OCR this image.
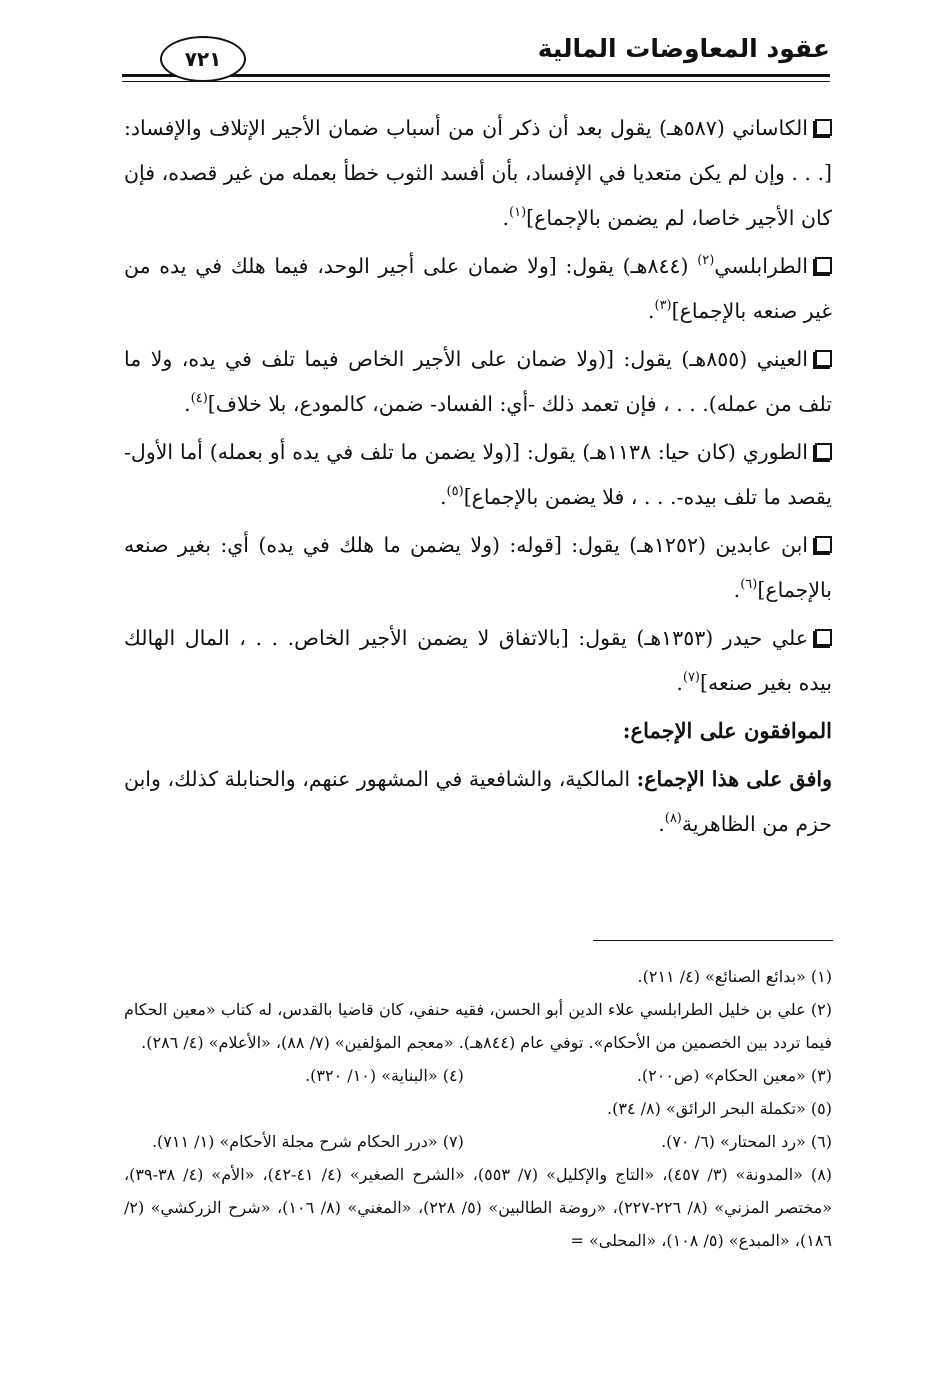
عقود المعاوضات المالية
٧٢١

الكاساني (٥٨٧هـ) يقول بعد أن ذكر أن من أسباب ضمان الأجير الإتلاف والإفساد: [. . . وإن لم يكن متعديا في الإفساد، بأن أفسد الثوب خطأ بعمله من غير قصده، فإن كان الأجير خاصا، لم يضمن بالإجماع]$^{(١)}$.

الطرابلسي$^{(٢)}$ (٨٤٤هـ) يقول: [ولا ضمان على أجير الوحد، فيما هلك في يده من غير صنعه بالإجماع]$^{(٣)}$.

العيني (٨٥٥هـ) يقول: [(ولا ضمان على الأجير الخاص فيما تلف في يده، ولا ما تلف من عمله). . . ، فإن تعمد ذلك -أي: الفساد- ضمن، كالمودع، بلا خلاف]$^{(٤)}$.

الطوري (كان حيا: ١١٣٨هـ) يقول: [(ولا يضمن ما تلف في يده أو بعمله) أما الأول-يقصد ما تلف بيده-. . . ، فلا يضمن بالإجماع]$^{(٥)}$.

ابن عابدين (١٢٥٢هـ) يقول: [قوله: (ولا يضمن ما هلك في يده) أي: بغير صنعه بالإجماع]$^{(٦)}$.

علي حيدر (١٣٥٣هـ) يقول: [بالاتفاق لا يضمن الأجير الخاص. . . ، المال الهالك بيده بغير صنعه]$^{(٧)}$.

الموافقون على الإجماع:

وافق على هذا الإجماع: المالكية، والشافعية في المشهور عنهم، والحنابلة كذلك، وابن حزم من الظاهرية$^{(٨)}$.

(١) «بدائع الصنائع» (٤/ ٢١١).

(٢) علي بن خليل الطرابلسي علاء الدين أبو الحسن، فقيه حنفي، كان قاضيا بالقدس، له كتاب «معين الحكام فيما تردد بين الخصمين من الأحكام». توفي عام (٨٤٤هـ). «معجم المؤلفين» (٧/ ٨٨)، «الأعلام» (٤/ ٢٨٦).

(٣) «معين الحكام» (ص٢٠٠).
(٤) «البناية» (١٠/ ٣٢٠).

(٥) «تكملة البحر الرائق» (٨/ ٣٤).

(٦) «رد المحتار» (٦/ ٧٠).
(٧) «درر الحكام شرح مجلة الأحكام» (١/ ٧١١).

(٨) «المدونة» (٣/ ٤٥٧)، «التاج والإكليل» (٧/ ٥٥٣)، «الشرح الصغير» (٤/ ٤١-٤٢)، «الأم» (٤/ ٣٨-٣٩)، «مختصر المزني» (٨/ ٢٢٦-٢٢٧)، «روضة الطالبين» (٥/ ٢٢٨)، «المغني» (٨/ ١٠٦)، «شرح الزركشي» (٢/ ١٨٦)، «المبدع» (٥/ ١٠٨)، «المحلى» =
